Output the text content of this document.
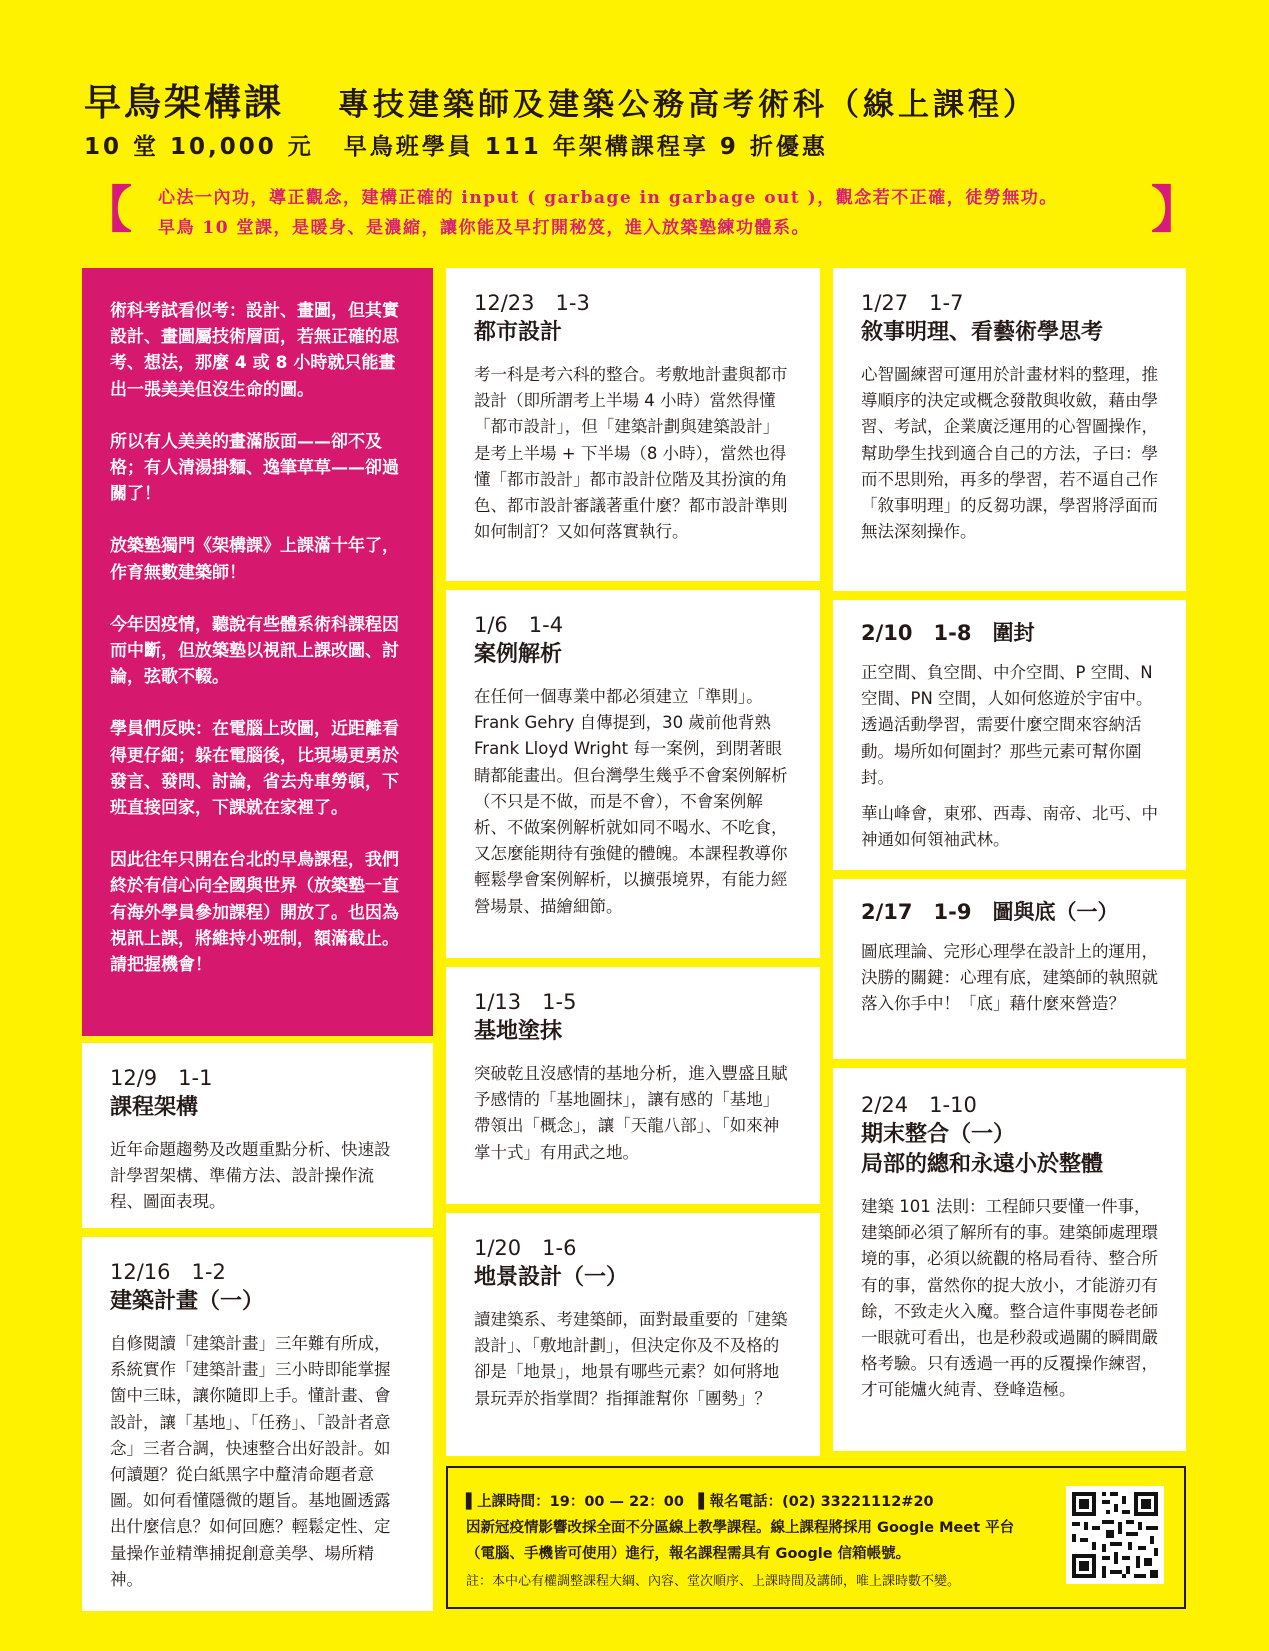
早鳥架構課 專技建築師及建築公務高考術科（線上課程）
10 堂 10,000 元 早鳥班學員 111 年架構課程享 9 折優惠
【	】
心法一內功，導正觀念，建構正確的 input ( garbage in garbage out )，觀念若不正確，徒勞無功。
早鳥 10 堂課，是暖身、是濃縮，讓你能及早打開秘笈，進入放築塾練功體系。

術科考試看似考：設計、畫圖，但其實設計、畫圖屬技術層面，若無正確的思考、想法，那麼 4 或 8 小時就只能畫出一張美美但沒生命的圖。

所以有人美美的畫滿版面——卻不及格；有人清湯掛麵、逸筆草草——卻過關了！

放築塾獨門《架構課》上課滿十年了，作育無數建築師！

今年因疫情，聽說有些體系術科課程因而中斷，但放築塾以視訊上課改圖、討論，弦歌不輟。

學員們反映：在電腦上改圖，近距離看得更仔細；躲在電腦後，比現場更勇於發言、發問、討論，省去舟車勞頓，下班直接回家，下課就在家裡了。

因此往年只開在台北的早鳥課程，我們終於有信心向全國與世界（放築塾一直有海外學員參加課程）開放了。也因為視訊上課，將維持小班制，額滿截止。請把握機會！

12/9　1-1
課程架構
近年命題趨勢及改題重點分析、快速設計學習架構、準備方法、設計操作流程、圖面表現。
12/16　1-2
建築計畫（一）
自修閱讀「建築計畫」三年難有所成，系統實作「建築計畫」三小時即能掌握箇中三昧，讓你隨即上手。懂計畫、會設計，讓「基地」、「任務」、「設計者意念」三者合調，快速整合出好設計。如何讀題？從白紙黑字中釐清命題者意圖。如何看懂隱微的題旨。基地圖透露出什麼信息？如何回應？輕鬆定性、定量操作並精準捕捉創意美學、場所精神。
12/23　1-3
都市設計
考一科是考六科的整合。考敷地計畫與都市設計（即所謂考上半場 4 小時）當然得懂「都市設計」，但「建築計劃與建築設計」是考上半場 + 下半場（8 小時），當然也得懂「都市設計」都市設計位階及其扮演的角色、都市設計審議著重什麼？都市設計準則如何制訂？又如何落實執行。
1/6　1-4
案例解析
在任何一個專業中都必須建立「準則」。Frank Gehry 自傳提到，30 歲前他背熟 Frank Lloyd Wright 每一案例，到閉著眼睛都能畫出。但台灣學生幾乎不會案例解析（不只是不做，而是不會），不會案例解析、不做案例解析就如同不喝水、不吃食，又怎麼能期待有強健的體魄。本課程教導你輕鬆學會案例解析，以擴張境界，有能力經營場景、描繪細節。
1/13　1-5
基地塗抹
突破乾且沒感情的基地分析，進入豐盛且賦予感情的「基地圖抹」，讓有感的「基地」帶領出「概念」，讓「天龍八部」、「如來神掌十式」有用武之地。
1/20　1-6
地景設計（一）
讀建築系、考建築師，面對最重要的「建築設計」、「敷地計劃」，但決定你及不及格的卻是「地景」，地景有哪些元素？如何將地景玩弄於指掌間？指揮誰幫你「團勢」？
1/27　1-7
敘事明理、看藝術學思考
心智圖練習可運用於計畫材料的整理，推導順序的決定或概念發散與收斂，藉由學習、考試，企業廣泛運用的心智圖操作，幫助學生找到適合自己的方法，子曰：學而不思則殆，再多的學習，若不逼自己作「敘事明理」的反芻功課，學習將浮面而無法深刻操作。
2/10　1-8　圍封

正空間、負空間、中介空間、P 空間、N 空間、PN 空間，人如何悠遊於宇宙中。透過活動學習，需要什麼空間來容納活動。場所如何圍封？那些元素可幫你圍封。

華山峰會，東邪、西毒、南帝、北丐、中神通如何領袖武林。

2/17　1-9　圖與底（一）
圖底理論、完形心理學在設計上的運用，決勝的關鍵：心理有底，建築師的執照就落入你手中！「底」藉什麼來營造？
2/24　1-10
期末整合（一）
局部的總和永遠小於整體
建築 101 法則：工程師只要懂一件事，建築師必須了解所有的事。建築師處理環境的事，必須以統觀的格局看待、整合所有的事，當然你的捉大放小，才能游刃有餘，不致走火入魔。整合這件事閱卷老師一眼就可看出，也是秒殺或過關的瞬間嚴格考驗。只有透過一再的反覆操作練習，才可能爐火純青、登峰造極。
▌上課時間：19：00 — 22：00　▌報名電話：(02) 33221112#20
因新冠疫情影響改採全面不分區線上教學課程。線上課程將採用 Google Meet 平台
（電腦、手機皆可使用）進行，報名課程需具有 Google 信箱帳號。
註：本中心有權調整課程大綱、內容、堂次順序、上課時間及講師，唯上課時數不變。
